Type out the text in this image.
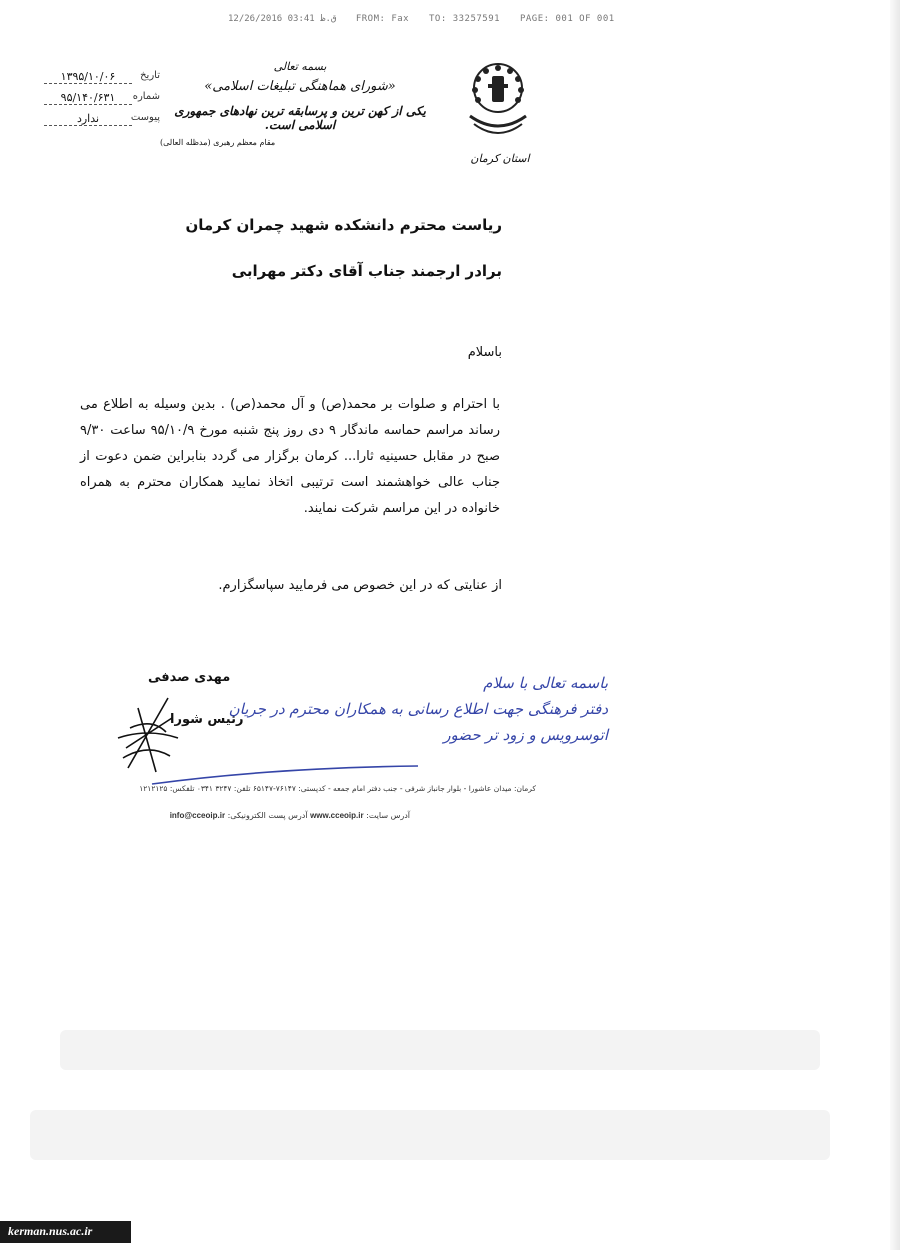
12/26/2016 ق.ظ 03:41 FROM: Fax TO: 33257591 PAGE: 001 OF 001
۱۳۹۵/۱۰/۰۶	تاریخ
۹۵/۱۴۰/۶۳۱	شماره
ندارد	پیوست
بسمه تعالی
«شورای هماهنگی تبلیغات اسلامی»
یکی از کهن ترین و پرسابقه ترین نهادهای جمهوری اسلامی است.
مقام معظم رهبری (مدظله العالی)
استان کرمان
ریاست محترم دانشکده شهید چمران کرمان
برادر ارجمند جناب آقای دکتر مهرابی
باسلام
با احترام و صلوات بر محمد(ص) و آل محمد(ص) . بدین وسیله به اطلاع می رساند مراسم حماسه ماندگار ۹ دی روز پنج شنبه مورخ ۹۵/۱۰/۹ ساعت ۹/۳۰ صبح در مقابل حسینیه ثارا... کرمان برگزار می گردد بنابراین ضمن دعوت از جناب عالی خواهشمند است ترتیبی اتخاذ نمایید همکاران محترم به همراه خانواده در این مراسم شرکت نمایند.
از عنایتی که در این خصوص می فرمایید سپاسگزارم.
مهدی صدفی
رئیس شورا
باسمه تعالی با سلام
دفتر فرهنگی جهت اطلاع رسانی به همکاران محترم در جریان
اتوسرویس و زود تر حضور
کرمان: میدان عاشورا - بلوار جانباز شرفی - جنب دفتر امام جمعه - کدپستی: ۷۶۱۴۷-۶۵۱۴۷ تلفن: ۳۲۴۷ ۰۳۴۱ تلفکس: ۱۲۱۲۱۲۵
آدرس سایت: www.cceoip.ir آدرس پست الکترونیکی: info@cceoip.ir
kerman.nus.ac.ir
